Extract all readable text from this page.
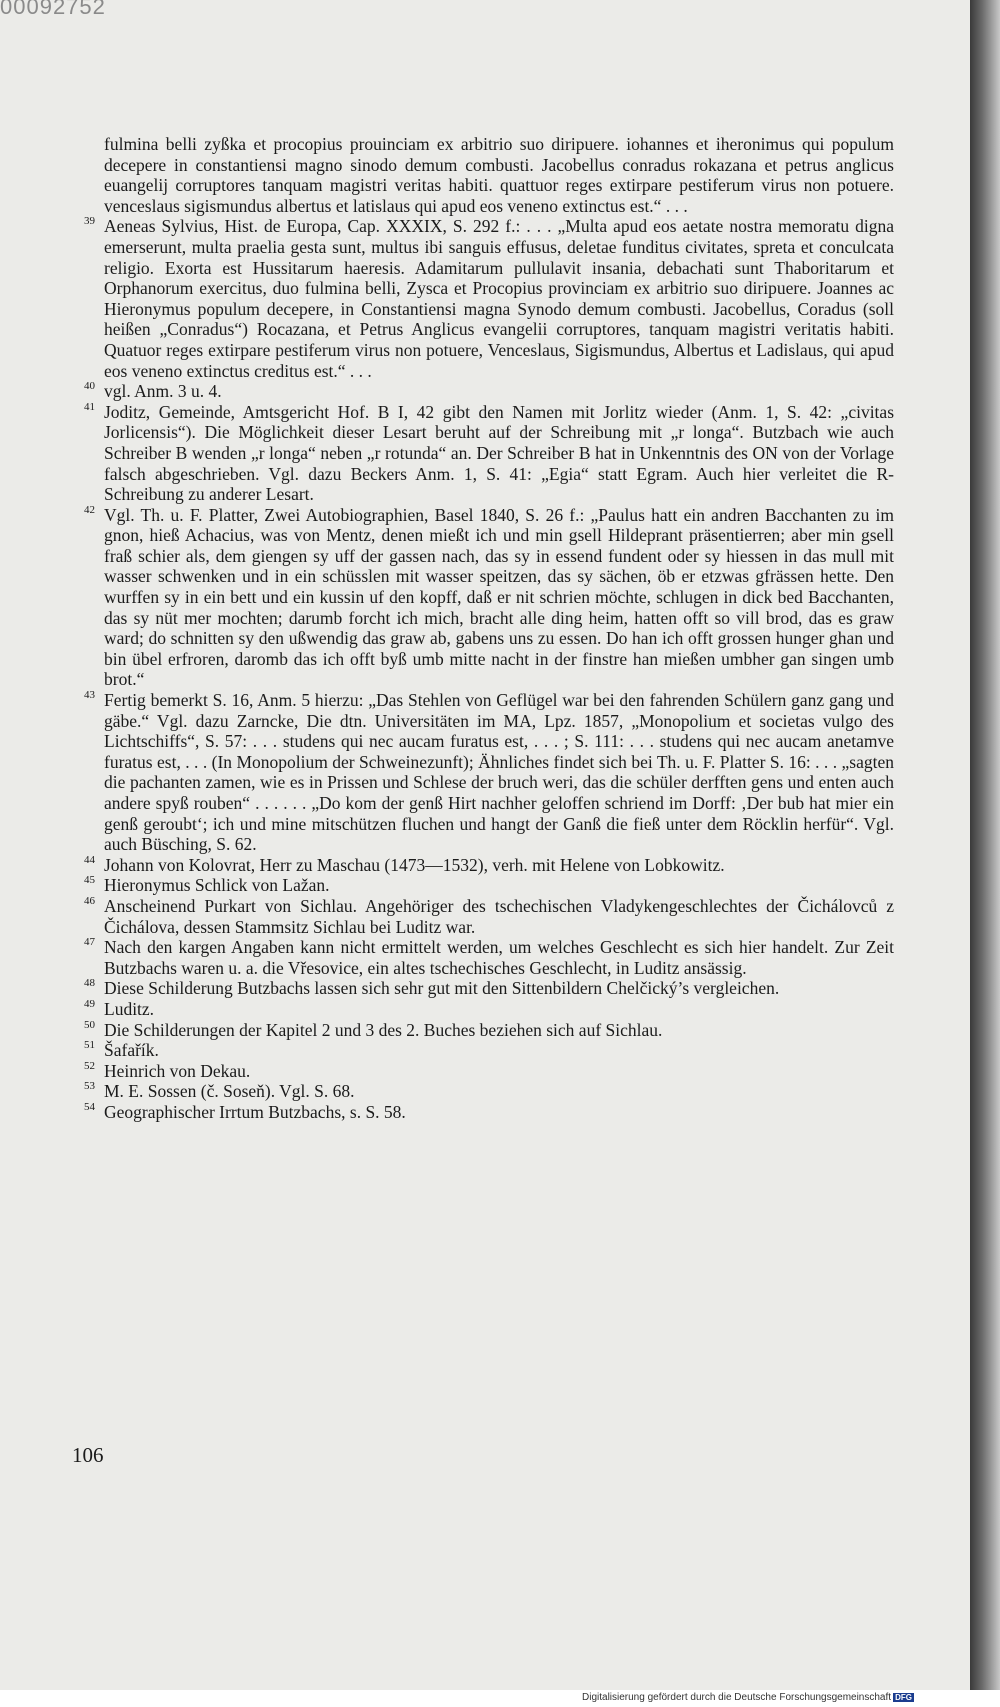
00092752

fulmina belli zyßka et procopius prouinciam ex arbitrio suo diripuere. iohannes et iheronimus qui populum decepere in constantiensi magno sinodo demum combusti. Jacobellus conradus rokazana et petrus anglicus euangelij corruptores tanquam magistri veritas habiti. quattuor reges extirpare pestiferum virus non potuere. venceslaus sigismundus albertus et latislaus qui apud eos veneno extinctus est.“ . . .

39 Aeneas Sylvius, Hist. de Europa, Cap. XXXIX, S. 292 f.: . . . „Multa apud eos aetate nostra memoratu digna emerserunt, multa praelia gesta sunt, multus ibi sanguis effusus, deletae funditus civitates, spreta et conculcata religio. Exorta est Hussitarum haeresis. Adamitarum pullulavit insania, debachati sunt Thaboritarum et Orphanorum exercitus, duo fulmina belli, Zysca et Procopius provinciam ex arbitrio suo diripuere. Joannes ac Hieronymus populum decepere, in Constantiensi magna Synodo demum combusti. Jacobellus, Coradus (soll heißen „Conradus“) Rocazana, et Petrus Anglicus evangelii corruptores, tanquam magistri veritatis habiti. Quatuor reges extirpare pestiferum virus non potuere, Venceslaus, Sigismundus, Albertus et Ladislaus, qui apud eos veneno extinctus creditus est.“ . . .
40 vgl. Anm. 3 u. 4.
41 Joditz, Gemeinde, Amtsgericht Hof. B I, 42 gibt den Namen mit Jorlitz wieder (Anm. 1, S. 42: „civitas Jorlicensis“). Die Möglichkeit dieser Lesart beruht auf der Schreibung mit „r longa“. Butzbach wie auch Schreiber B wenden „r longa“ neben „r rotunda“ an. Der Schreiber B hat in Unkenntnis des ON von der Vorlage falsch abgeschrieben. Vgl. dazu Beckers Anm. 1, S. 41: „Egia“ statt Egram. Auch hier verleitet die R-Schreibung zu anderer Lesart.
42 Vgl. Th. u. F. Platter, Zwei Autobiographien, Basel 1840, S. 26 f.: „Paulus hatt ein andren Bacchanten zu im gnon, hieß Achacius, was von Mentz, denen mießt ich und min gsell Hildeprant präsentierren; aber min gsell fraß schier als, dem giengen sy uff der gassen nach, das sy in essend fundent oder sy hiessen in das mull mit wasser schwenken und in ein schüsslen mit wasser speitzen, das sy sächen, öb er etzwas gfrässen hette. Den wurffen sy in ein bett und ein kussin uf den kopff, daß er nit schrien möchte, schlugen in dick bed Bacchanten, das sy nüt mer mochten; darumb forcht ich mich, bracht alle ding heim, hatten offt so vill brod, das es graw ward; do schnitten sy den ußwendig das graw ab, gabens uns zu essen. Do han ich offt grossen hunger ghan und bin übel erfroren, daromb das ich offt byß umb mitte nacht in der finstre han mießen umbher gan singen umb brot.“
43 Fertig bemerkt S. 16, Anm. 5 hierzu: „Das Stehlen von Geflügel war bei den fahrenden Schülern ganz gang und gäbe.“ Vgl. dazu Zarncke, Die dtn. Universitäten im MA, Lpz. 1857, „Monopolium et societas vulgo des Lichtschiffs“, S. 57: . . . studens qui nec aucam furatus est, . . . ; S. 111: . . . studens qui nec aucam anetamve furatus est, . . . (In Monopolium der Schweinezunft); Ähnliches findet sich bei Th. u. F. Platter S. 16: . . . „sagten die pachanten zamen, wie es in Prissen und Schlese der bruch weri, das die schüler derfften gens und enten auch andere spyß rouben“ . . . . . . „Do kom der genß Hirt nachher geloffen schriend im Dorff: ‚Der bub hat mier ein genß geroubt‘; ich und mine mitschützen fluchen und hangt der Ganß die fieß unter dem Röcklin herfür“. Vgl. auch Büsching, S. 62.
44 Johann von Kolovrat, Herr zu Maschau (1473—1532), verh. mit Helene von Lobkowitz.
45 Hieronymus Schlick von Lažan.
46 Anscheinend Purkart von Sichlau. Angehöriger des tschechischen Vladykengeschlechtes der Čichálovců z Čichálova, dessen Stammsitz Sichlau bei Luditz war.
47 Nach den kargen Angaben kann nicht ermittelt werden, um welches Geschlecht es sich hier handelt. Zur Zeit Butzbachs waren u. a. die Vřesovice, ein altes tschechisches Geschlecht, in Luditz ansässig.
48 Diese Schilderung Butzbachs lassen sich sehr gut mit den Sittenbildern Chelčický’s vergleichen.
49 Luditz.
50 Die Schilderungen der Kapitel 2 und 3 des 2. Buches beziehen sich auf Sichlau.
51 Šafařík.
52 Heinrich von Dekau.
53 M. E. Sossen (č. Soseň). Vgl. S. 68.
54 Geographischer Irrtum Butzbachs, s. S. 58.
106
Digitalisierung gefördert durch die Deutsche Forschungsgemeinschaft DFG
